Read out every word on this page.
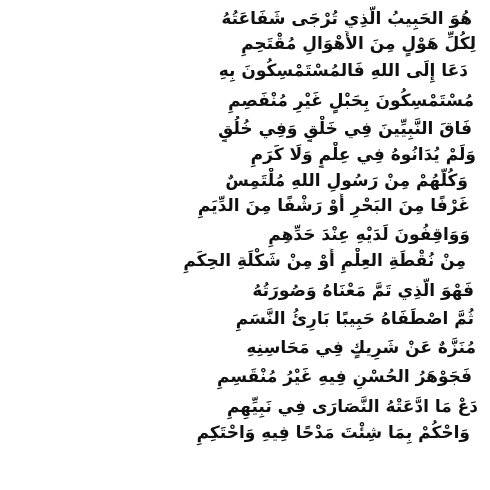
هُوَ الحَبِيبُ الَّذِي تُرْجَى شَفَاعَتُهُ
لِكُلِّ هَوْلٍ مِنَ الأَهْوَالِ مُقْتَحِمِ
دَعَا إِلَى اللهِ فَالمُسْتَمْسِكُونَ بِهِ
مُسْتَمْسِكُونَ بِحَبْلٍ غَيْرِ مُنْفَصِمِ
فَاقَ النَّبِيِّينَ فِي خَلْقٍ وَفِي خُلُقٍ
وَلَمْ يُدَانُوهُ فِي عِلْمٍ وَلَا كَرَمِ
وَكُلُّهُمْ مِنْ رَسُولِ اللهِ مُلْتَمِسٌ
غَرْفًا مِنَ البَحْرِ أَوْ رَشْفًا مِنَ الدِّيَمِ
وَوَاقِفُونَ لَدَيْهِ عِنْدَ حَدِّهِمِ
مِنْ نُقْطَةِ العِلْمِ أَوْ مِنْ شَكْلَةِ الحِكَمِ
فَهْوَ الَّذِي تَمَّ مَعْنَاهُ وَصُورَتُهُ
ثُمَّ اصْطَفَاهُ حَبِيبًا بَارِئُ النَّسَمِ
مُنَزَّهٌ عَنْ شَرِيكٍ فِي مَحَاسِنِهِ
فَجَوْهَرُ الحُسْنِ فِيهِ غَيْرُ مُنْقَسِمِ
دَعْ مَا ادَّعَتْهُ النَّصَارَى فِي نَبِيِّهِمِ
وَاحْكُمْ بِمَا شِئْتَ مَدْحًا فِيهِ وَاحْتَكِمِ
